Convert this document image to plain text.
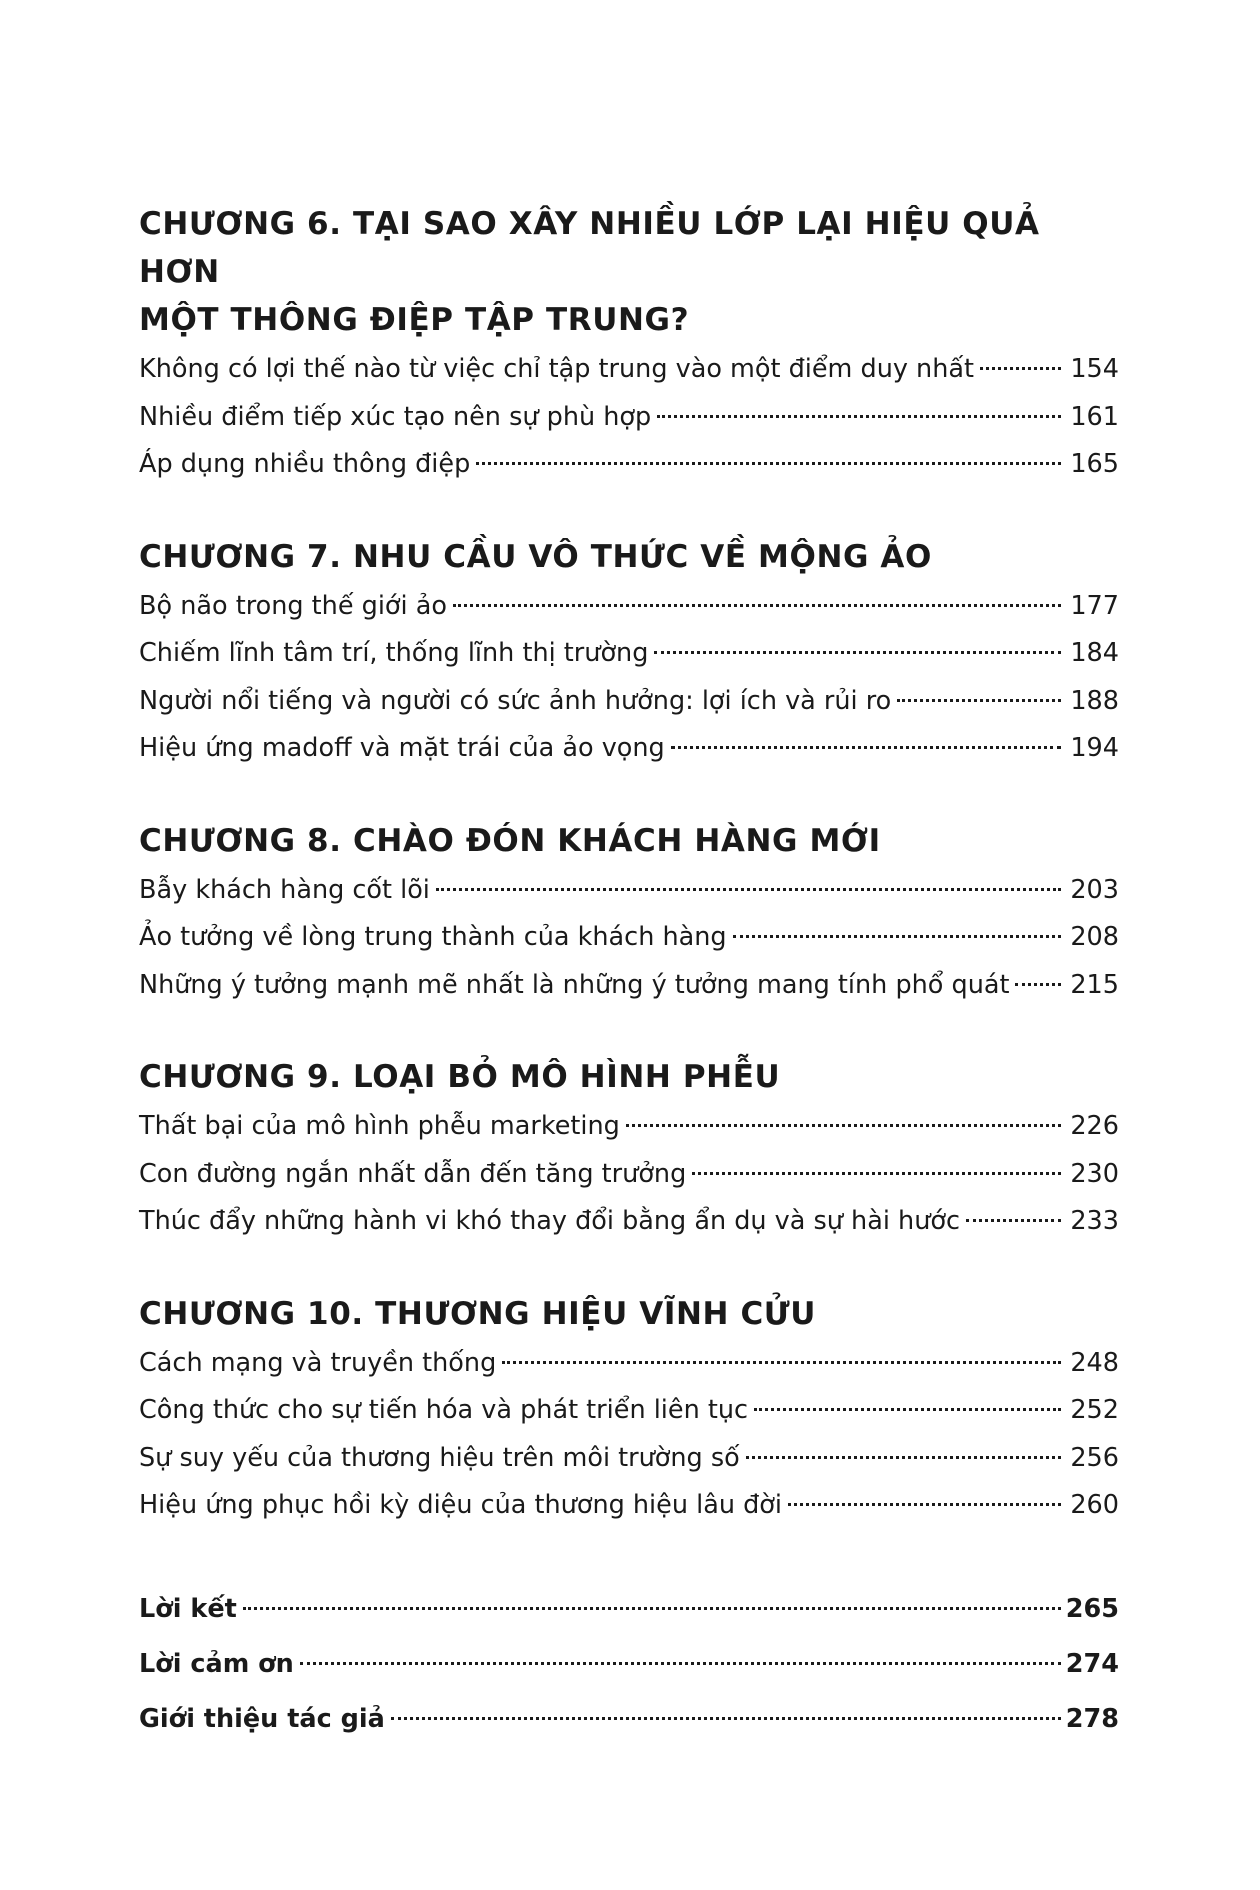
CHƯƠNG 6. TẠI SAO XÂY NHIỀU LỚP LẠI HIỆU QUẢ HƠN
MỘT THÔNG ĐIỆP TẬP TRUNG?
Không có lợi thế nào từ việc chỉ tập trung vào một điểm duy nhất	154
Nhiều điểm tiếp xúc tạo nên sự phù hợp	161
Áp dụng nhiều thông điệp	165
CHƯƠNG 7. NHU CẦU VÔ THỨC VỀ MỘNG ẢO
Bộ não trong thế giới ảo	177
Chiếm lĩnh tâm trí, thống lĩnh thị trường	184
Người nổi tiếng và người có sức ảnh hưởng: lợi ích và rủi ro	188
Hiệu ứng madoff và mặt trái của ảo vọng	194
CHƯƠNG 8. CHÀO ĐÓN KHÁCH HÀNG MỚI
Bẫy khách hàng cốt lõi	203
Ảo tưởng về lòng trung thành của khách hàng	208
Những ý tưởng mạnh mẽ nhất là những ý tưởng mang tính phổ quát 215
CHƯƠNG 9. LOẠI BỎ MÔ HÌNH PHỄU
Thất bại của mô hình phễu marketing	226
Con đường ngắn nhất dẫn đến tăng trưởng	230
Thúc đẩy những hành vi khó thay đổi bằng ẩn dụ và sự hài hước	233
CHƯƠNG 10. THƯƠNG HIỆU VĨNH CỬU
Cách mạng và truyền thống	248
Công thức cho sự tiến hóa và phát triển liên tục	252
Sự suy yếu của thương hiệu trên môi trường số	256
Hiệu ứng phục hồi kỳ diệu của thương hiệu lâu đời	260
Lời kết	265
Lời cảm ơn	274
Giới thiệu tác giả	278
